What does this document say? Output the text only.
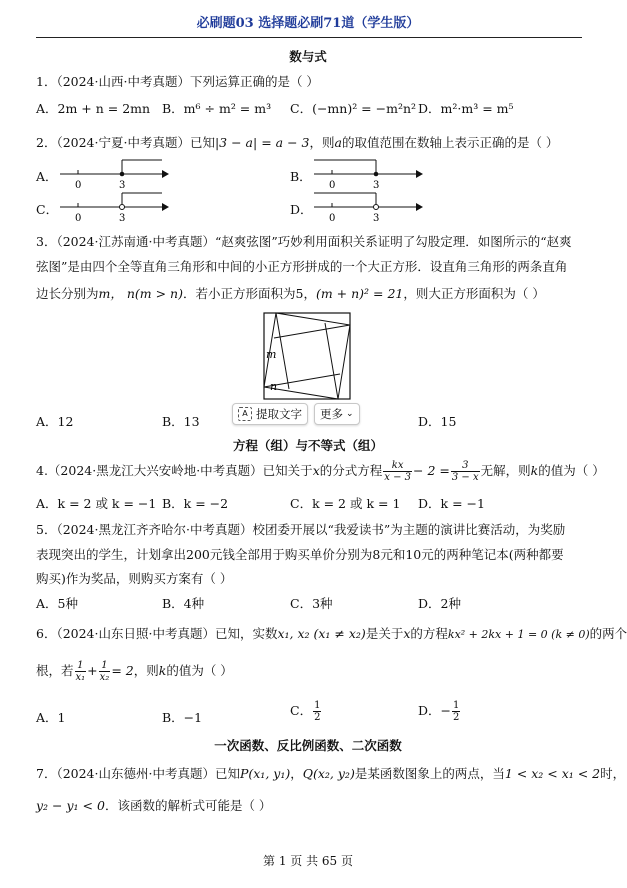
必刷题03 选择题必刷71道（学生版）
数与式
1．（2024·山西·中考真题）下列运算正确的是（ ）
A．2m + n = 2mn B．m⁶ ÷ m² = m³ C．(−mn)² = −m²n² D．m²·m³ = m⁵
2．（2024·宁夏·中考真题）已知|3 − a| = a − 3，则a的取值范围在数轴上表示正确的是（ ）
A．
0	3
B．
0	3
C．
0	3
D．
0	3
3．（2024·江苏南通·中考真题）“赵爽弦图”巧妙利用面积关系证明了勾股定理．如图所示的“赵爽
弦图”是由四个全等直角三角形和中间的小正方形拼成的一个大正方形．设直角三角形的两条直角
边长分别为m， n(m > n)．若小正方形面积为5，(m + n)² = 21，则大正方形面积为（ ）
m
n
A．12	B．13	D．15
A 提取文字 更多 ⌄
方程（组）与不等式（组）
4.（2024·黑龙江大兴安岭地·中考真题）已知关于x的分式方程 $\frac{kx}{x - 3} - 2 = \frac{3}{3 - x}$ 无解，则k的值为（ ）
A．k = 2 或 k = −1 B．k = −2	C．k = 2 或 k = 1 D．k = −1
5．（2024·黑龙江齐齐哈尔·中考真题）校团委开展以“我爱读书”为主题的演讲比赛活动，为奖励
表现突出的学生，计划拿出200元钱全部用于购买单价分别为8元和10元的两种笔记本(两种都要
购买)作为奖品，则购买方案有（ ）
A．5种	B．4种	C．3种	D．2种
6．（2024·山东日照·中考真题）已知，实数x₁, x₂ (x₁ ≠ x₂)是关于x的方程kx² + 2kx + 1 = 0 (k ≠ 0)的两个
根，若 $\frac{1}{\text{x₁}} + \frac{1}{\text{x₂}} = 2$，则k的值为（ ）
A．1	B．−1	C． $\frac{1}{2}$	D．− $\frac{1}{2}$
一次函数、反比例函数、二次函数
7．（2024·山东德州·中考真题）已知P(x₁, y₁)，Q(x₂, y₂)是某函数图象上的两点，当1 < x₂ < x₁ < 2时，
y₂ − y₁ < 0．该函数的解析式可能是（ ）
第 1 页 共 65 页
